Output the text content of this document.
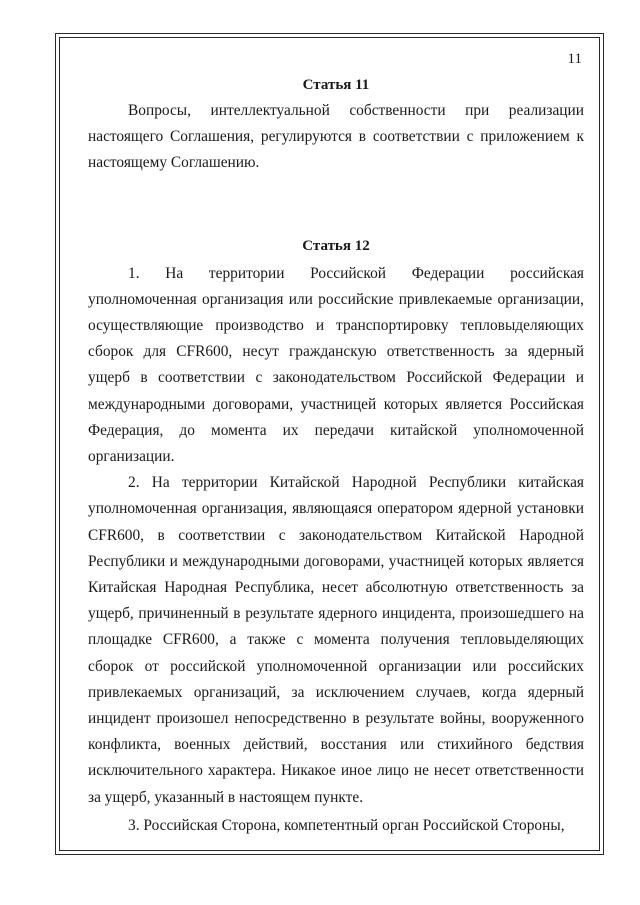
11

Статья 11

Вопросы, интеллектуальной собственности при реализации настоящего Соглашения, регулируются в соответствии с приложением к настоящему Соглашению.

Статья 12

1. На территории Российской Федерации российская уполномоченная организация или российские привлекаемые организации, осуществляющие производство и транспортировку тепловыделяющих сборок для CFR600, несут гражданскую ответственность за ядерный ущерб в соответствии с законодательством Российской Федерации и международными договорами, участницей которых является Российская Федерация, до момента их передачи китайской уполномоченной организации.

2. На территории Китайской Народной Республики китайская уполномоченная организация, являющаяся оператором ядерной установки CFR600, в соответствии с законодательством Китайской Народной Республики и международными договорами, участницей которых является Китайская Народная Республика, несет абсолютную ответственность за ущерб, причиненный в результате ядерного инцидента, произошедшего на площадке CFR600, а также с момента получения тепловыделяющих сборок от российской уполномоченной организации или российских привлекаемых организаций, за исключением случаев, когда ядерный инцидент произошел непосредственно в результате войны, вооруженного конфликта, военных действий, восстания или стихийного бедствия исключительного характера. Никакое иное лицо не несет ответственности за ущерб, указанный в настоящем пункте.

3. Российская Сторона, компетентный орган Российской Стороны,
